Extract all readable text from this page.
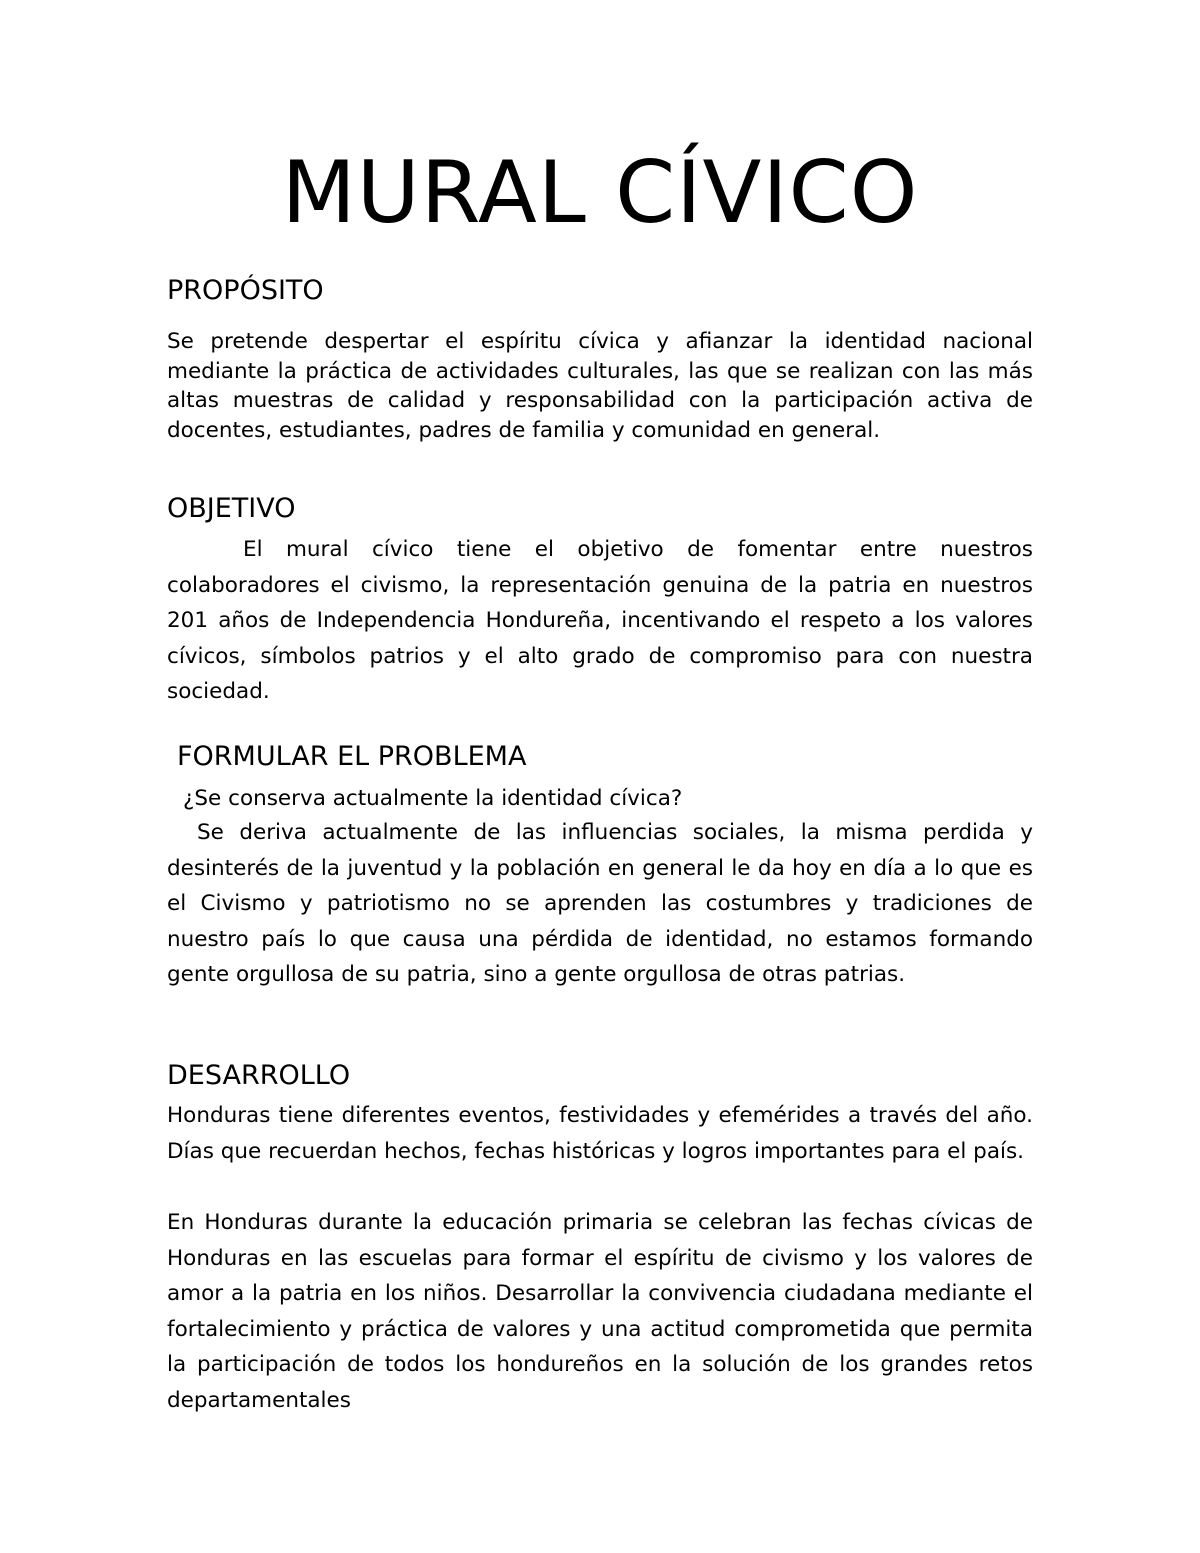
MURAL CÍVICO
PROPÓSITO

Se pretende despertar el espíritu cívica y afianzar la identidad nacional mediante la práctica de actividades culturales, las que se realizan con las más altas muestras de calidad y responsabilidad con la participación activa de docentes, estudiantes, padres de familia y comunidad en general.

OBJETIVO

El mural cívico tiene el objetivo de fomentar entre nuestros colaboradores el civismo, la representación genuina de la patria en nuestros 201 años de Independencia Hondureña, incentivando el respeto a los valores cívicos, símbolos patrios y el alto grado de compromiso para con nuestra sociedad.

FORMULAR EL PROBLEMA

¿Se conserva actualmente la identidad cívica?

Se deriva actualmente de las influencias sociales, la misma perdida y desinterés de la juventud y la población en general le da hoy en día a lo que es el Civismo y patriotismo no se aprenden las costumbres y tradiciones de nuestro país lo que causa una pérdida de identidad, no estamos formando gente orgullosa de su patria, sino a gente orgullosa de otras patrias.

DESARROLLO

Honduras tiene diferentes eventos, festividades y efemérides a través del año. Días que recuerdan hechos, fechas históricas y logros importantes para el país.

En Honduras durante la educación primaria se celebran las fechas cívicas de Honduras en las escuelas para formar el espíritu de civismo y los valores de amor a la patria en los niños. Desarrollar la convivencia ciudadana mediante el fortalecimiento y práctica de valores y una actitud comprometida que permita la participación de todos los hondureños en la solución de los grandes retos departamentales
